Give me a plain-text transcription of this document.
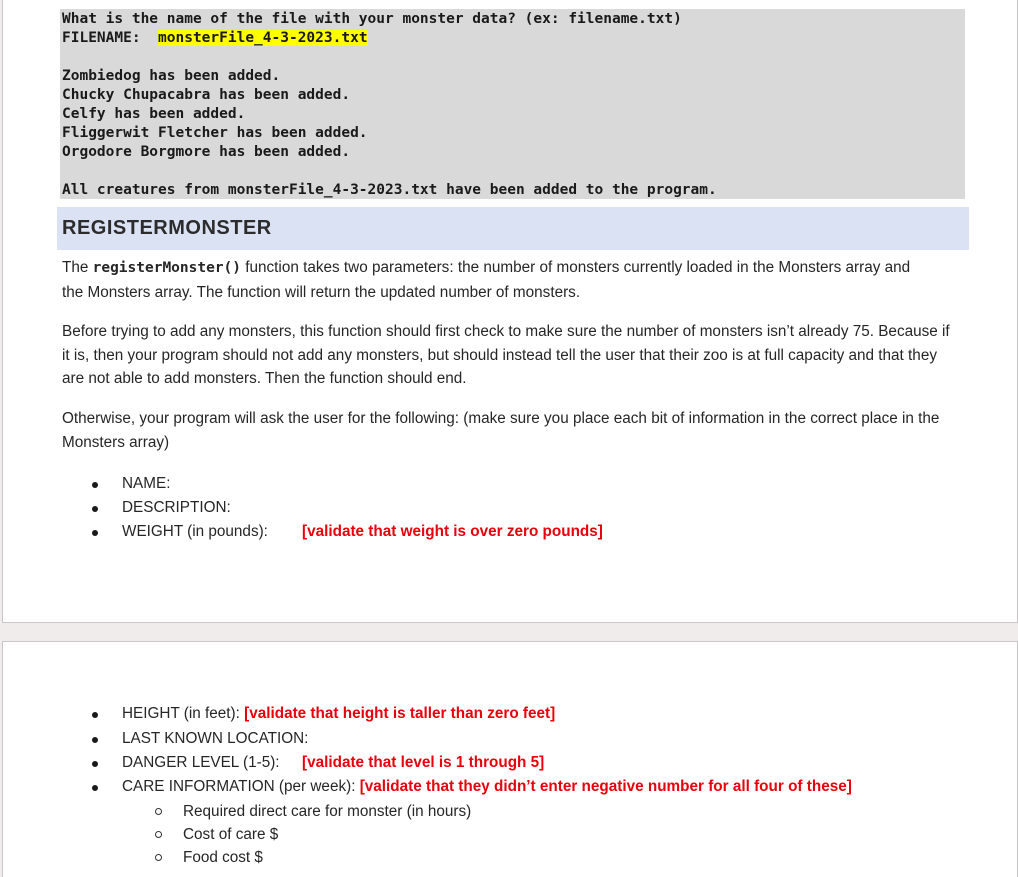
What is the name of the file with your monster data? (ex: filename.txt)
FILENAME:  monsterFile_4-3-2023.txt
Zombiedog has been added.
Chucky Chupacabra has been added.
Celfy has been added.
Fliggerwit Fletcher has been added.
Orgodore Borgmore has been added.
All creatures from monsterFile_4-3-2023.txt have been added to the program.
REGISTERMONSTER
The registerMonster() function takes two parameters: the number of monsters currently loaded in the Monsters array and
the Monsters array. The function will return the updated number of monsters.
Before trying to add any monsters, this function should first check to make sure the number of monsters isn’t already 75. Because if
it is, then your program should not add any monsters, but should instead tell the user that their zoo is at full capacity and that they
are not able to add monsters. Then the function should end.
Otherwise, your program will ask the user for the following: (make sure you place each bit of information in the correct place in the
Monsters array)
NAME:
DESCRIPTION:
WEIGHT (in pounds): [validate that weight is over zero pounds]
HEIGHT (in feet): [validate that height is taller than zero feet]
LAST KNOWN LOCATION:
DANGER LEVEL (1-5): [validate that level is 1 through 5]
CARE INFORMATION (per week): [validate that they didn’t enter negative number for all four of these]
Required direct care for monster (in hours)
Cost of care $
Food cost $
